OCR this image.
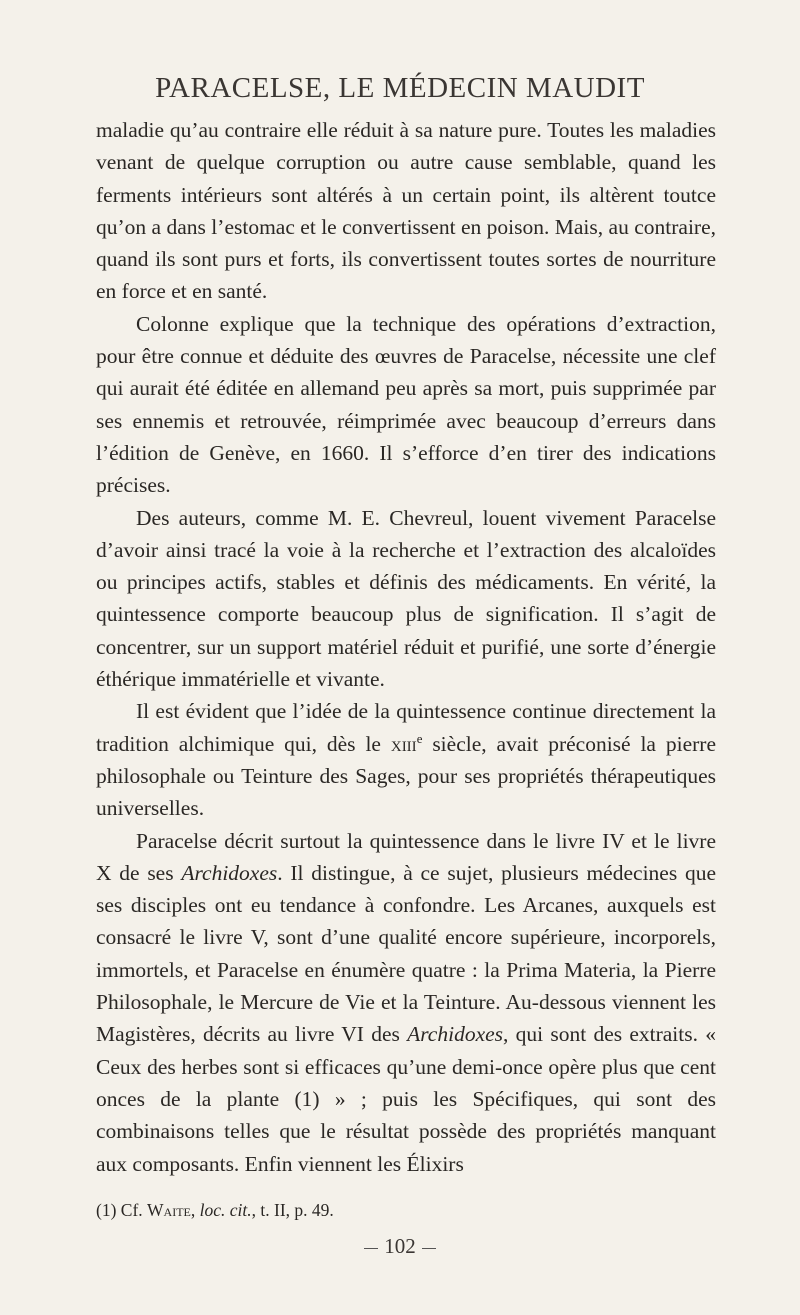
PARACELSE, LE MÉDECIN MAUDIT

maladie qu’au contraire elle réduit à sa nature pure. Toutes les maladies venant de quelque corruption ou autre cause semblable, quand les ferments intérieurs sont altérés à un certain point, ils altèrent toutce qu’on a dans l’estomac et le convertissent en poison. Mais, au contraire, quand ils sont purs et forts, ils convertissent toutes sortes de nourriture en force et en santé.

Colonne explique que la technique des opérations d’extraction, pour être connue et déduite des œuvres de Paracelse, nécessite une clef qui aurait été éditée en allemand peu après sa mort, puis supprimée par ses ennemis et retrouvée, réimprimée avec beaucoup d’erreurs dans l’édition de Genève, en 1660. Il s’efforce d’en tirer des indications précises.

Des auteurs, comme M. E. Chevreul, louent vivement Paracelse d’avoir ainsi tracé la voie à la recherche et l’extraction des alcaloïdes ou principes actifs, stables et définis des médicaments. En vérité, la quintessence comporte beaucoup plus de signification. Il s’agit de concentrer, sur un support matériel réduit et purifié, une sorte d’énergie éthérique immatérielle et vivante.

Il est évident que l’idée de la quintessence continue directement la tradition alchimique qui, dès le xiii$^e$ siècle, avait préconisé la pierre philosophale ou Teinture des Sages, pour ses propriétés thérapeutiques universelles.

Paracelse décrit surtout la quintessence dans le livre IV et le livre X de ses Archidoxes. Il distingue, à ce sujet, plusieurs médecines que ses disciples ont eu tendance à confondre. Les Arcanes, auxquels est consacré le livre V, sont d’une qualité encore supérieure, incorporels, immortels, et Paracelse en énumère quatre : la Prima Materia, la Pierre Philosophale, le Mercure de Vie et la Teinture. Au-dessous viennent les Magistères, décrits au livre VI des Archidoxes, qui sont des extraits. « Ceux des herbes sont si efficaces qu’une demi-once opère plus que cent onces de la plante (1) » ; puis les Spécifiques, qui sont des combinaisons telles que le résultat possède des propriétés manquant aux composants. Enfin viennent les Élixirs

(1) Cf. Waite, loc. cit., t. II, p. 49.
102
